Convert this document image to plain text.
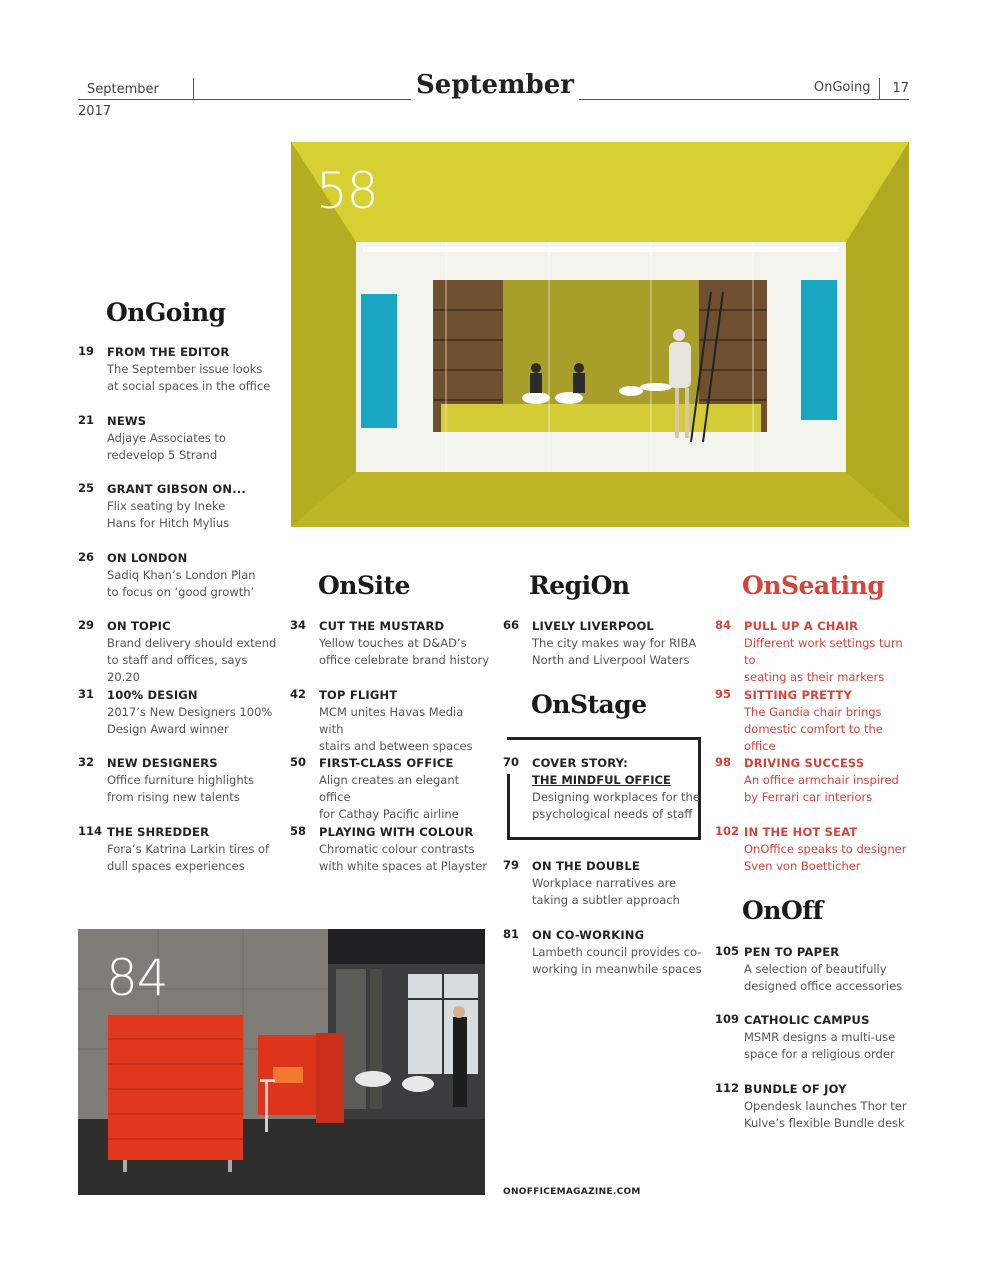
September 2017
September	OnGoing	17
58
84
OnGoing
19 FROM THE EDITOR
The September issue looks
at social spaces in the office
21 NEWS
Adjaye Associates to
redevelop 5 Strand
25 GRANT GIBSON ON...
Flix seating by Ineke
Hans for Hitch Mylius
26 ON LONDON
Sadiq Khan’s London Plan
to focus on ‘good growth’
29 ON TOPIC
Brand delivery should extend
to staff and offices, says 20.20
31 100% DESIGN
2017’s New Designers 100%
Design Award winner
32 NEW DESIGNERS
Office furniture highlights
from rising new talents
114 THE SHREDDER
Fora’s Katrina Larkin tires of
dull spaces experiences
OnSite
34 CUT THE MUSTARD
Yellow touches at D&AD’s
office celebrate brand history
42 TOP FLIGHT
MCM unites Havas Media with
stairs and between spaces
50 FIRST-CLASS OFFICE
Align creates an elegant office
for Cathay Pacific airline
58 PLAYING WITH COLOUR
Chromatic colour contrasts
with white spaces at Playster
RegiOn
66 LIVELY LIVERPOOL
The city makes way for RIBA
North and Liverpool Waters
OnStage
70 COVER STORY:
THE MINDFUL OFFICE
Designing workplaces for the
psychological needs of staff
79 ON THE DOUBLE
Workplace narratives are
taking a subtler approach
81 ON CO-WORKING
Lambeth council provides co-
working in meanwhile spaces
OnSeating
84 PULL UP A CHAIR
Different work settings turn to
seating as their markers
95 SITTING PRETTY
The Gandia chair brings
domestic comfort to the office
98 DRIVING SUCCESS
An office armchair inspired
by Ferrari car interiors
102 IN THE HOT SEAT
OnOffice speaks to designer
Sven von Boetticher
OnOff
105 PEN TO PAPER
A selection of beautifully
designed office accessories
109 CATHOLIC CAMPUS
MSMR designs a multi-use
space for a religious order
112 BUNDLE OF JOY
Opendesk launches Thor ter
Kulve’s flexible Bundle desk
ONOFFICEMAGAZINE.COM
